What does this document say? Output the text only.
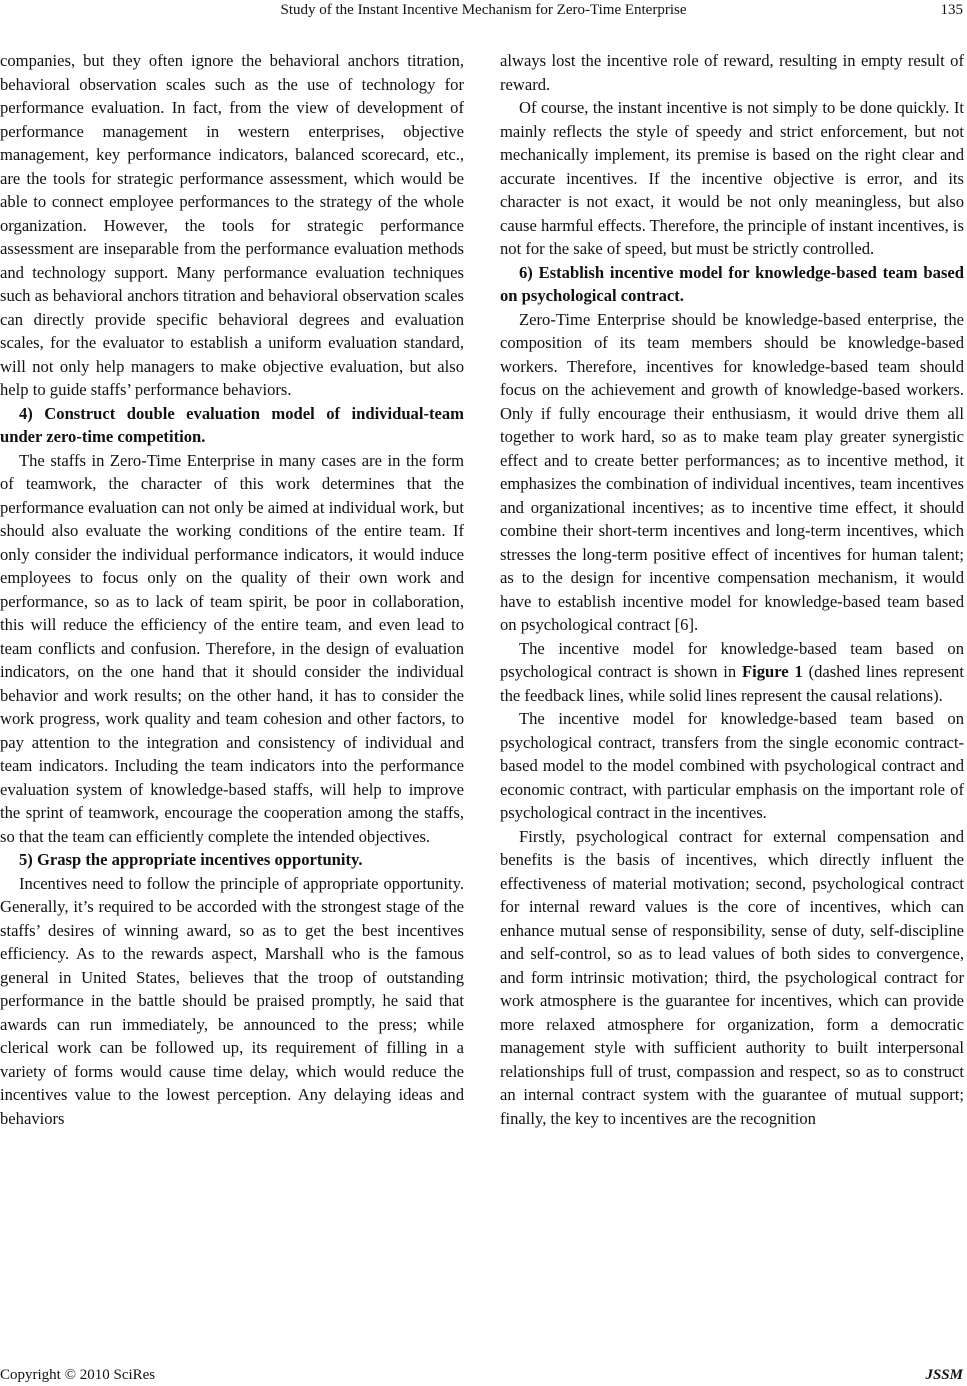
Study of the Instant Incentive Mechanism for Zero-Time Enterprise	135

companies, but they often ignore the behavioral anchors titration, behavioral observation scales such as the use of technology for performance evaluation. In fact, from the view of development of performance management in western enterprises, objective management, key performance indicators, balanced scorecard, etc., are the tools for strategic performance assessment, which would be able to connect employee performances to the strategy of the whole organization. However, the tools for strategic performance assessment are inseparable from the performance evaluation methods and technology support. Many performance evaluation techniques such as behavioral anchors titration and behavioral observation scales can directly provide specific behavioral degrees and evaluation scales, for the evaluator to establish a uniform evaluation standard, will not only help managers to make objective evaluation, but also help to guide staffs’ performance behaviors.

4) Construct double evaluation model of individual-team under zero-time competition.

The staffs in Zero-Time Enterprise in many cases are in the form of teamwork, the character of this work determines that the performance evaluation can not only be aimed at individual work, but should also evaluate the working conditions of the entire team. If only consider the individual performance indicators, it would induce employees to focus only on the quality of their own work and performance, so as to lack of team spirit, be poor in collaboration, this will reduce the efficiency of the entire team, and even lead to team conflicts and confusion. Therefore, in the design of evaluation indicators, on the one hand that it should consider the individual behavior and work results; on the other hand, it has to consider the work progress, work quality and team cohesion and other factors, to pay attention to the integration and consistency of individual and team indicators. Including the team indicators into the performance evaluation system of knowledge-based staffs, will help to improve the sprint of teamwork, encourage the cooperation among the staffs, so that the team can efficiently complete the intended objectives.

5) Grasp the appropriate incentives opportunity.

Incentives need to follow the principle of appropriate opportunity. Generally, it’s required to be accorded with the strongest stage of the staffs’ desires of winning award, so as to get the best incentives efficiency. As to the rewards aspect, Marshall who is the famous general in United States, believes that the troop of outstanding performance in the battle should be praised promptly, he said that awards can run immediately, be announced to the press; while clerical work can be followed up, its requirement of filling in a variety of forms would cause time delay, which would reduce the incentives value to the lowest perception. Any delaying ideas and behaviors

always lost the incentive role of reward, resulting in empty result of reward.

Of course, the instant incentive is not simply to be done quickly. It mainly reflects the style of speedy and strict enforcement, but not mechanically implement, its premise is based on the right clear and accurate incentives. If the incentive objective is error, and its character is not exact, it would be not only meaningless, but also cause harmful effects. Therefore, the principle of instant incentives, is not for the sake of speed, but must be strictly controlled.

6) Establish incentive model for knowledge-based team based on psychological contract.

Zero-Time Enterprise should be knowledge-based enterprise, the composition of its team members should be knowledge-based workers. Therefore, incentives for knowledge-based team should focus on the achievement and growth of knowledge-based workers. Only if fully encourage their enthusiasm, it would drive them all together to work hard, so as to make team play greater synergistic effect and to create better performances; as to incentive method, it emphasizes the combination of individual incentives, team incentives and organizational incentives; as to incentive time effect, it should combine their short-term incentives and long-term incentives, which stresses the long-term positive effect of incentives for human talent; as to the design for incentive compensation mechanism, it would have to establish incentive model for knowledge-based team based on psychological contract [6].

The incentive model for knowledge-based team based on psychological contract is shown in Figure 1 (dashed lines represent the feedback lines, while solid lines represent the causal relations).

The incentive model for knowledge-based team based on psychological contract, transfers from the single economic contract-based model to the model combined with psychological contract and economic contract, with particular emphasis on the important role of psychological contract in the incentives.

Firstly, psychological contract for external compensation and benefits is the basis of incentives, which directly influent the effectiveness of material motivation; second, psychological contract for internal reward values is the core of incentives, which can enhance mutual sense of responsibility, sense of duty, self-discipline and self-control, so as to lead values of both sides to convergence, and form intrinsic motivation; third, the psychological contract for work atmosphere is the guarantee for incentives, which can provide more relaxed atmosphere for organization, form a democratic management style with sufficient authority to built interpersonal relationships full of trust, compassion and respect, so as to construct an internal contract system with the guarantee of mutual support; finally, the key to incentives are the recognition

Copyright © 2010 SciRes	JSSM
